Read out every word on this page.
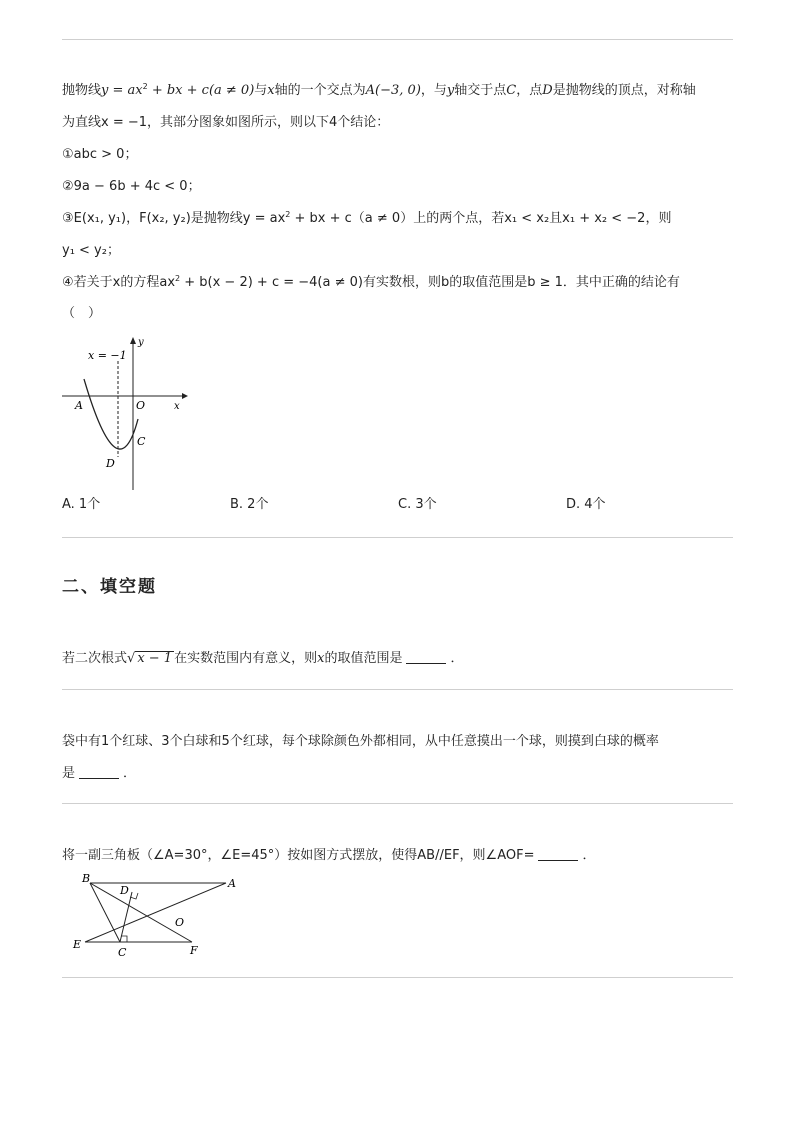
抛物线$y = ax^2$ + bx + c(a ≠ 0)与x轴的一个交点为A(−3, 0)，与y轴交于点C，点D是抛物线的顶点，对称轴
为直线x = −1，其部分图象如图所示，则以下4个结论：
①abc > 0；
②9a − 6b + 4c < 0；
③E(x₁, y₁)，F(x₂, y₂)是抛物线$y = ax^2$ + bx + c（a ≠ 0）上的两个点，若x₁ < x₂且x₁ + x₂ < −2，则
y₁ < y₂；
④若关于x的方程$ax^2 + b(x - 2) + c = -4(a \ne 0)$有实数根，则b的取值范围是b ≥ 1．其中正确的结论有
（　）
x = −1
y
x
A	O
C
D
A. 1个	B. 2个	C. 3个	D. 4个
二、填空题
若二次根式√ x − 1 在实数范围内有意义，则x的取值范围是	．
袋中有1个红球、3个白球和5个红球，每个球除颜色外都相同，从中任意摸出一个球，则摸到白球的概率
是	．
将一副三角板（∠A=30°，∠E=45°）按如图方式摆放，使得AB//EF，则∠AOF=	．
B
D
A
O
E
C	F
